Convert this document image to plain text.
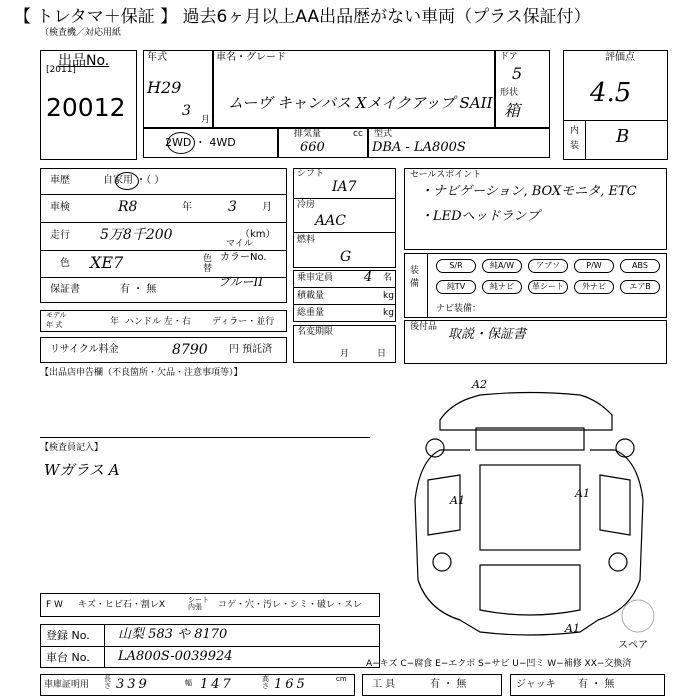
【 トレタマ＋保証 】 過去6ヶ月以上AA出品歴がない車両（プラス保証付）
（検査機／対応用紙
出品No.
[2011]
20012
年式
H29
3
月
車名・グレード
ムーヴ キャンバス Xメイクアップ SAII
ドア
5
形状
箱
評価点
4.5
内
装 B
2WD ・ 4WD
排気量	cc
660
型式
DBA - LA800S
車歴	自家用 ・（ ）
車検	R8	年	3	月
走行 5万8千200
マイル
（km）
色 XE7	色替
カラーNo.
ブルーII
保証書	有 ・ 無
モデル
年 式	年 ハンドル 左・右 ディラー・並行
リサイクル料金	8790 円 預託済
シフト
IA7
冷房
AAC
燃料
G
乗車定員 4 名
積載量	kg
総重量	kg
名変期限
月日
セールスポイント
・ナビゲーション, BOXモニタ, ETC
・LEDヘッドランプ
装備
S/R	純A/W	アブソ	P/W	ABS
純TV	純ナビ	革シート	外ナビ	エアB
ナビ装備：
後付品 取説・保証書
【出品店申告欄（不良箇所・欠品・注意事項等）】
【検査員記入】
Wガラス A
A2
A1
A1
A1
スペア
F W キズ・ヒビ石・割レX	シート 内張	コゲ・穴・汚レ・シミ・破レ・スレ
登録 No. 山梨 583 や 8170
車台 No. LA800S-0039924	A−キズ C−腐食 E−エクボ S−サビ U−凹ミ W−補修 XX−交換済
車庫証明用
長さ 339	幅 147	高さ 165	cm	工 具	有 ・ 無	ジャッキ 有 ・ 無
